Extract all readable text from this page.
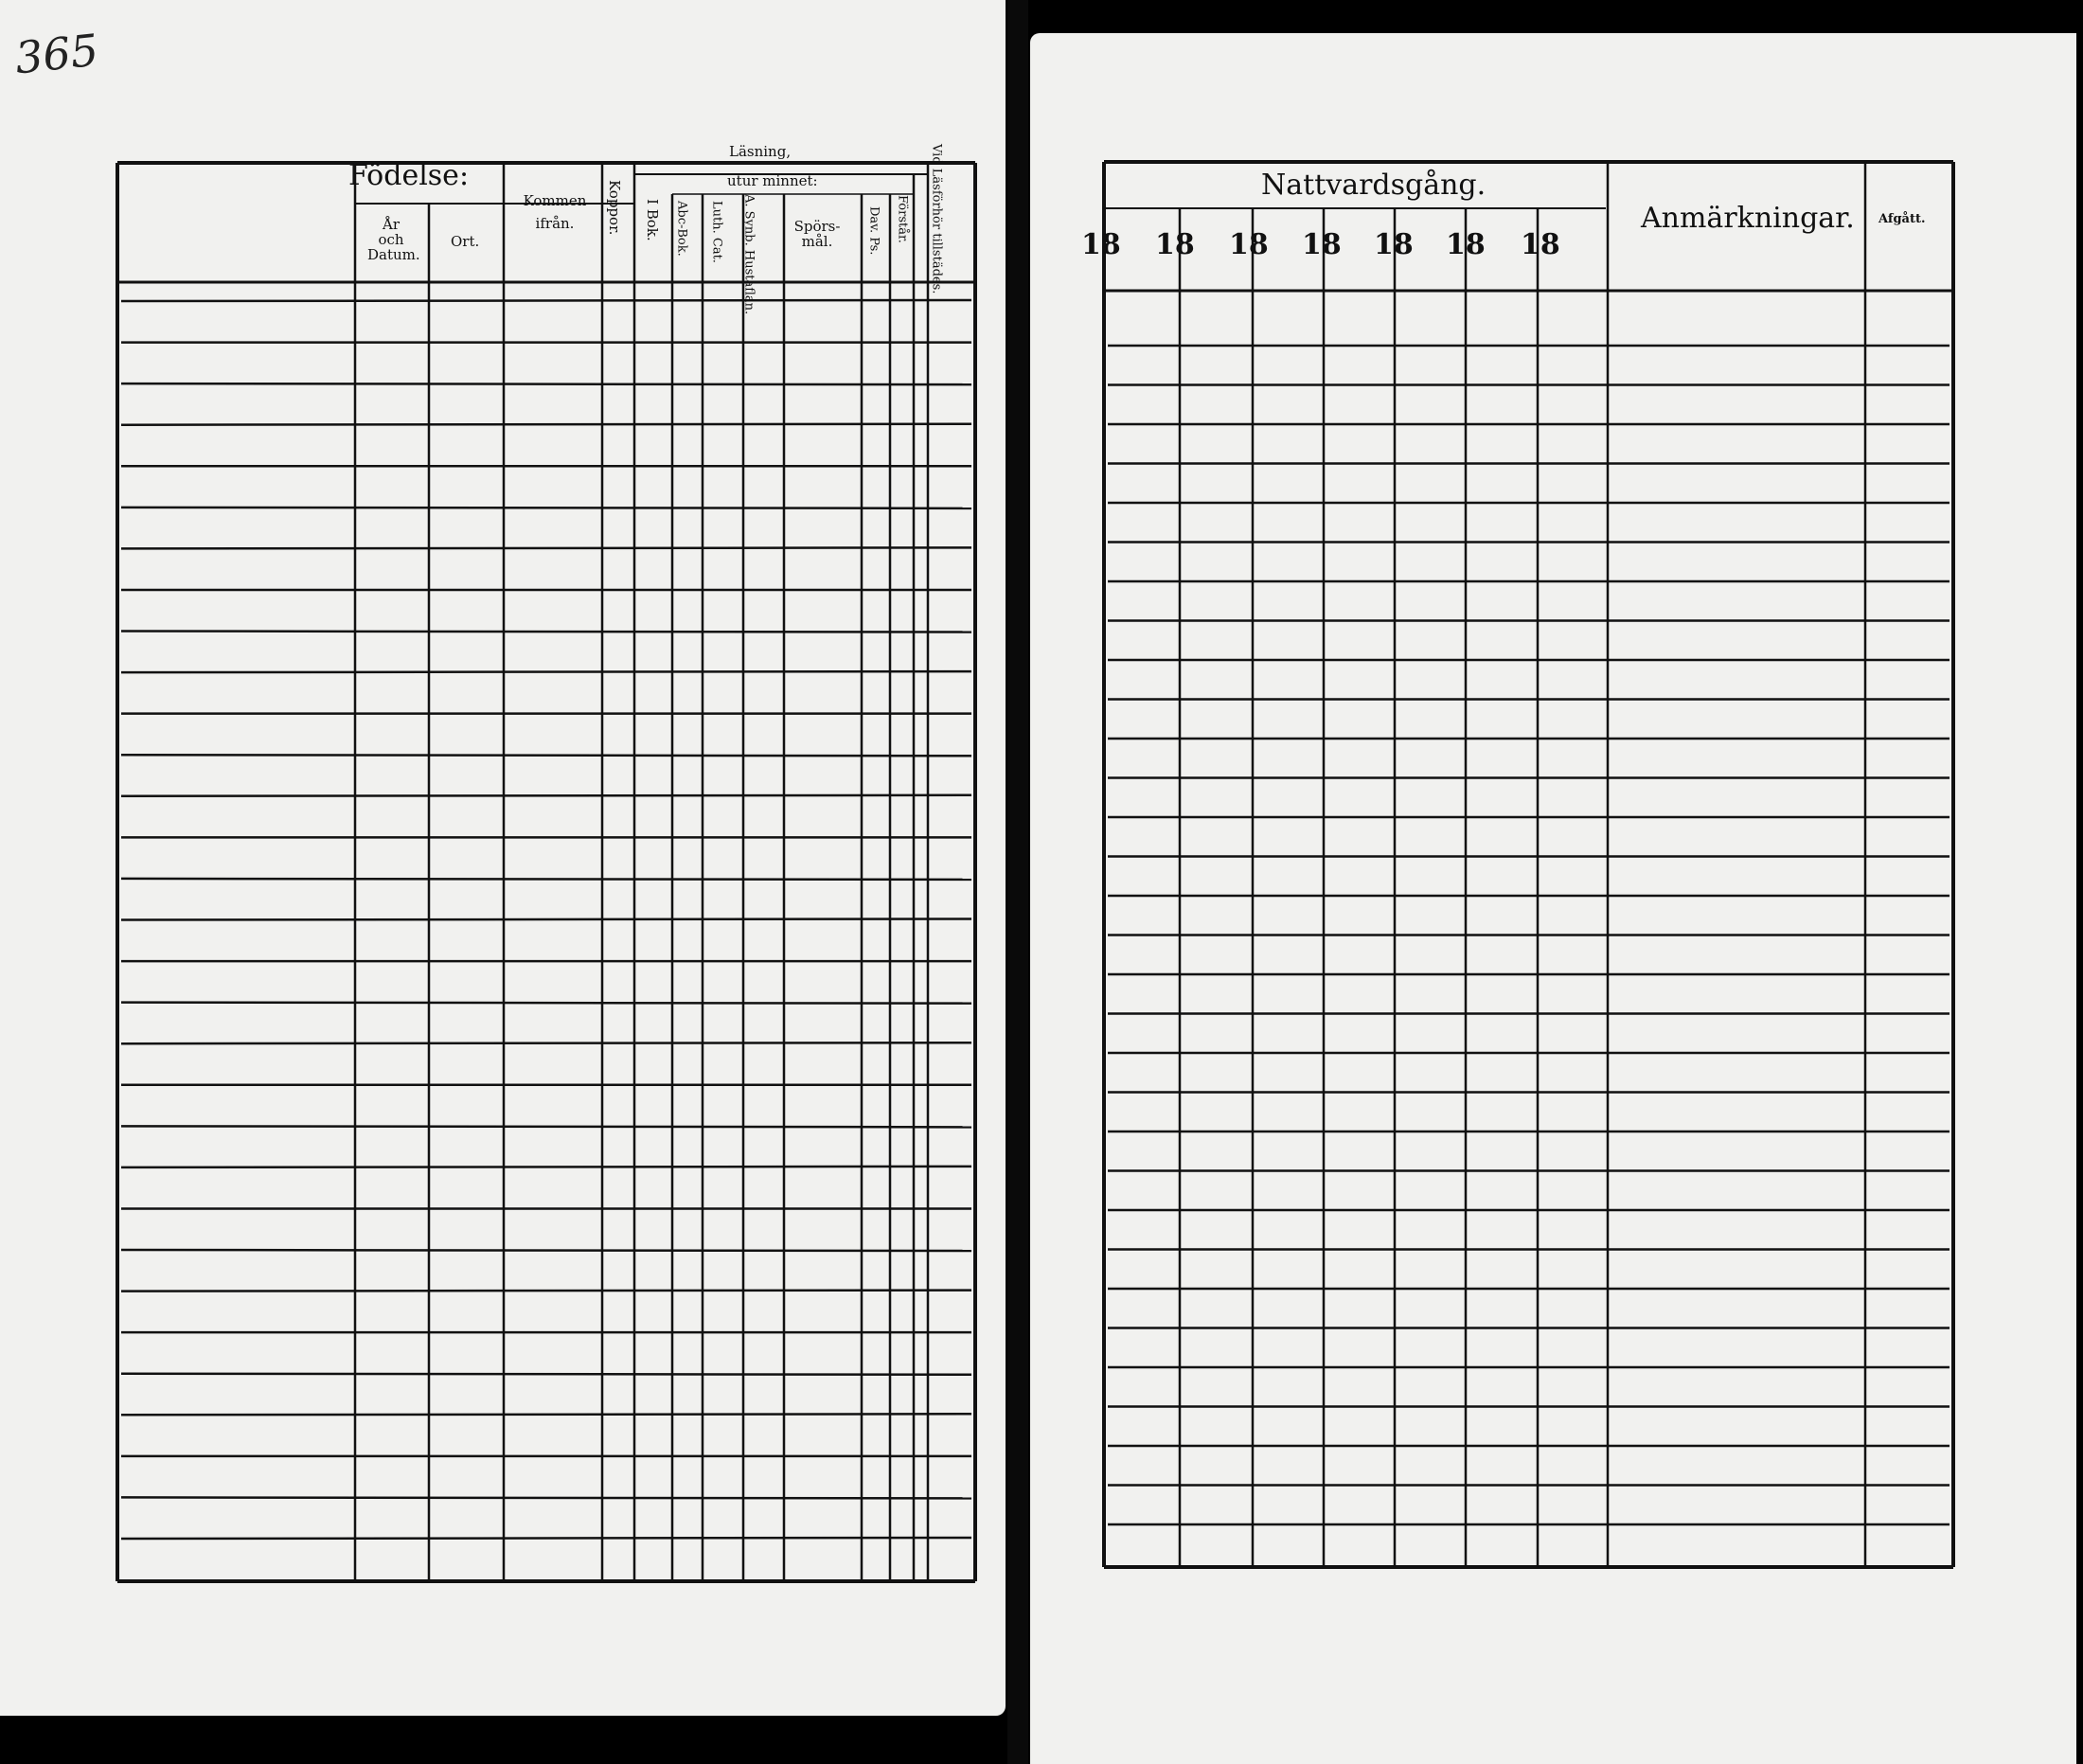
365
Födelse:
År
och
Datum.
Ort.
Kommen
ifrån.	Koppor.
Läsning,
utur minnet:
I Bok. Abc-Bok. Luth. Cat. A. Synb. Hustaflan.
Spörs-
mål.	Dav. Ps. Förstår. Vid Läsförhör tillstädes.
Nattvardsgång.
18 18 18 18 18 18 18
Anmärkningar. Afgått.
